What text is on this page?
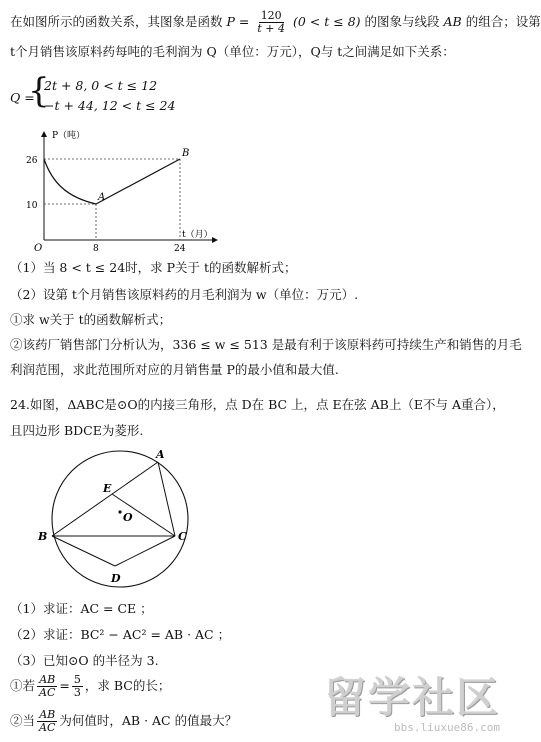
在如图所示的函数关系，其图象是函数 $P = \frac{120}{t + 4} (0 < t \le 8)$ 的图象与线段 AB 的组合；设第
t个月销售该原料药每吨的毛利润为 Q（单位：万元），Q与 t之间满足如下关系：
Q =
{
2t + 8, 0 < t ≤ 12
−t + 44, 12 < t ≤ 24
P（吨）
t（月）
26
10
8	24
O
A
B
（1）当 8 < t ≤ 24时，求 P关于 t的函数解析式；
（2）设第 t个月销售该原料药的月毛利润为 w（单位：万元）.
①求 w关于 t的函数解析式；
②该药厂销售部门分析认为，336 ≤ w ≤ 513 是最有利于该原料药可持续生产和销售的月毛
利润范围，求此范围所对应的月销售量 P的最小值和最大值.
24.如图，ΔABC是⊙O的内接三角形，点 D在 BC 上，点 E在弦 AB上（E不与 A重合），
且四边形 BDCE为菱形.
A
B	C
D
E
O
（1）求证：AC = CE ；
（2）求证：BC² − AC² = AB · AC ；
（3）已知⊙O 的半径为 3.
①若 $\frac{AB}{AC} = \frac{5}{3}$ ，求 BC的长；
②当 $\frac{AB}{AC}$ 为何值时，AB · AC 的值最大？ 留学社区
bbs.liuxue86.com
